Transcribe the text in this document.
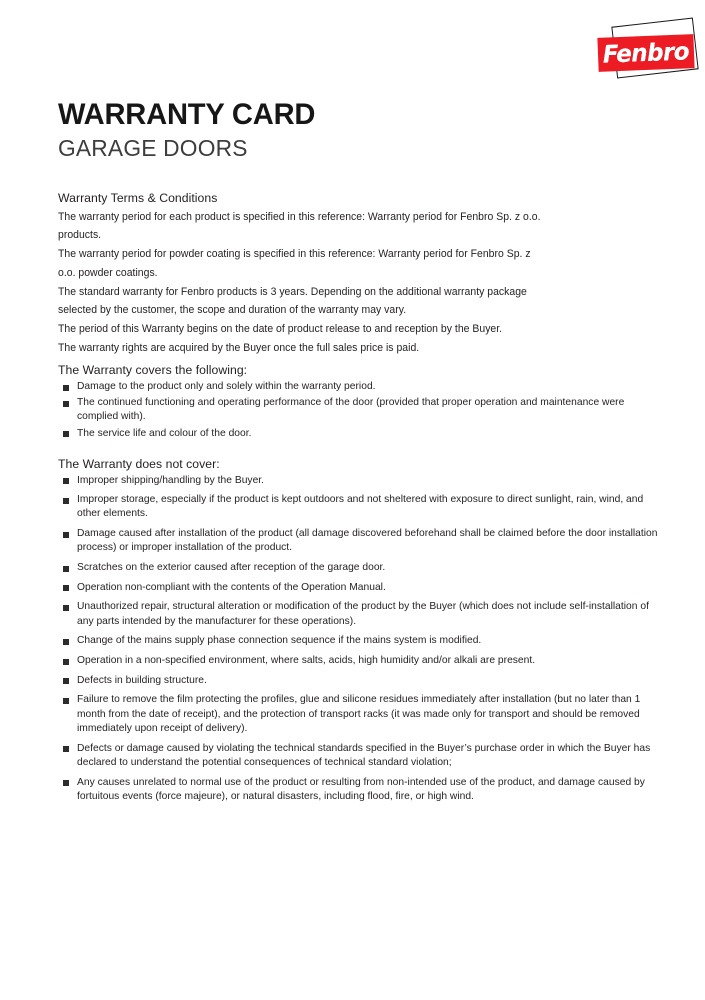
Fenbro
WARRANTY CARD
GARAGE DOORS
Warranty Terms & Conditions
The warranty period for each product is specified in this reference: Warranty period for Fenbro Sp. z o.o.
products.
The warranty period for powder coating is specified in this reference: Warranty period for Fenbro Sp. z
o.o. powder coatings.
The standard warranty for Fenbro products is 3 years. Depending on the additional warranty package
selected by the customer, the scope and duration of the warranty may vary.
The period of this Warranty begins on the date of product release to and reception by the Buyer.
The warranty rights are acquired by the Buyer once the full sales price is paid.
The Warranty covers the following:
Damage to the product only and solely within the warranty period.
The continued functioning and operating performance of the door (provided that proper operation and maintenance were complied with).
The service life and colour of the door.
The Warranty does not cover:
Improper shipping/handling by the Buyer.
Improper storage, especially if the product is kept outdoors and not sheltered with exposure to direct sunlight, rain, wind, and other elements.
Damage caused after installation of the product (all damage discovered beforehand shall be claimed before the door installation process) or improper installation of the product.
Scratches on the exterior caused after reception of the garage door.
Operation non-compliant with the contents of the Operation Manual.
Unauthorized repair, structural alteration or modification of the product by the Buyer (which does not include self-installation of any parts intended by the manufacturer for these operations).
Change of the mains supply phase connection sequence if the mains system is modified.
Operation in a non-specified environment, where salts, acids, high humidity and/or alkali are present.
Defects in building structure.
Failure to remove the film protecting the profiles, glue and silicone residues immediately after installation (but no later than 1 month from the date of receipt), and the protection of transport racks (it was made only for transport and should be removed immediately upon receipt of delivery).
Defects or damage caused by violating the technical standards specified in the Buyer’s purchase order in which the Buyer has declared to understand the potential consequences of technical standard violation;
Any causes unrelated to normal use of the product or resulting from non-intended use of the product, and damage caused by fortuitous events (force majeure), or natural disasters, including flood, fire, or high wind.
